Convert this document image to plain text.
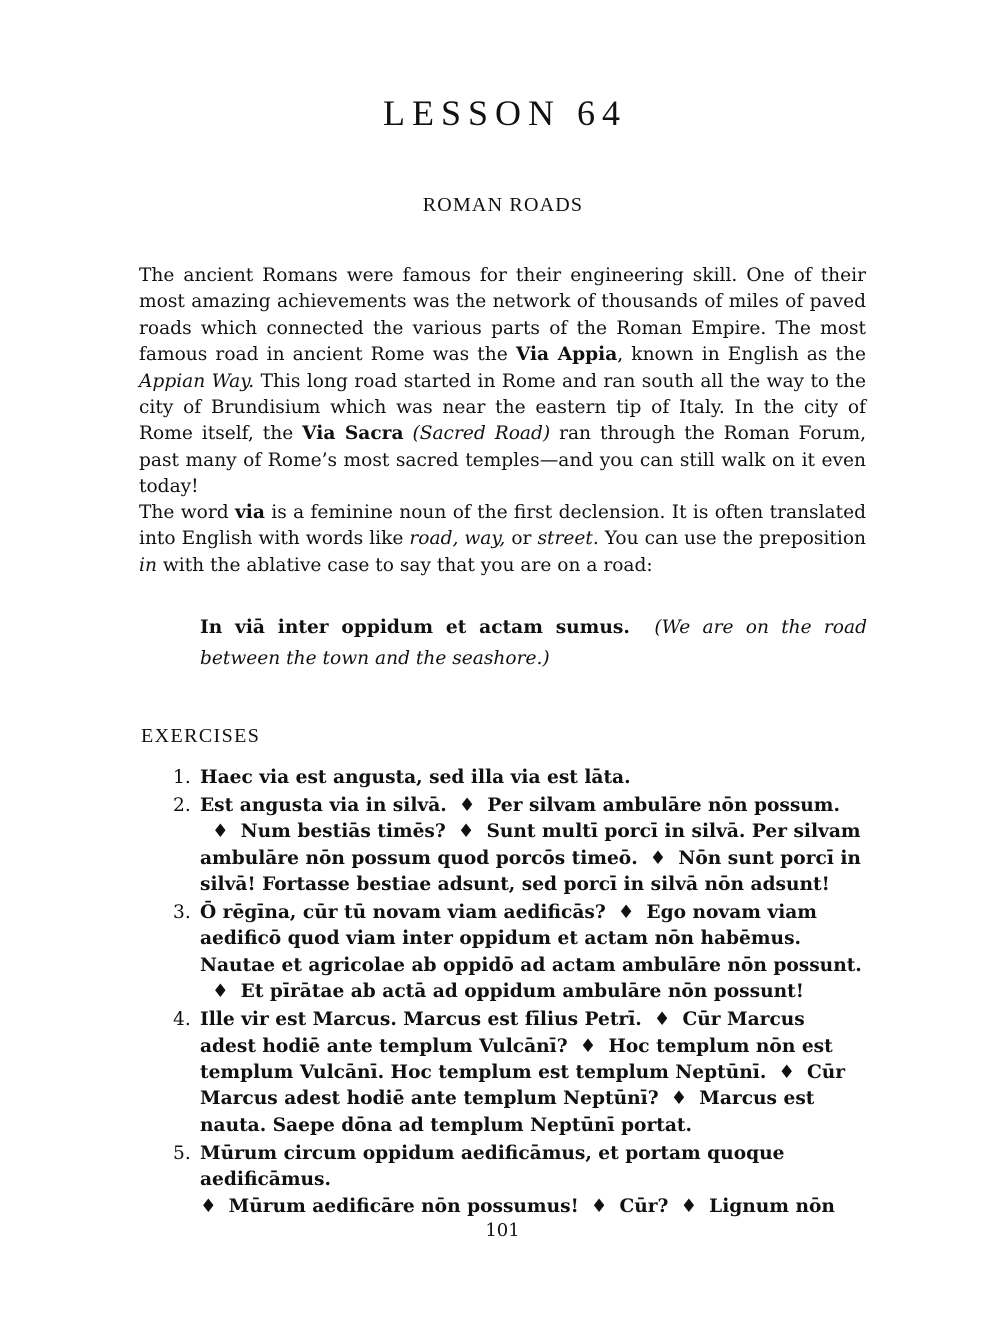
LESSON 64
ROMAN ROADS

The ancient Romans were famous for their engineering skill. One of their most amazing achievements was the network of thousands of miles of paved roads which connected the various parts of the Roman Empire. The most famous road in ancient Rome was the Via Appia, known in English as the Appian Way. This long road started in Rome and ran south all the way to the city of Brundisium which was near the eastern tip of Italy. In the city of Rome itself, the Via Sacra (Sacred Road) ran through the Roman Forum, past many of Rome’s most sacred temples—and you can still walk on it even today!

The word via is a feminine noun of the first declension. It is often translated into English with words like road, way, or street. You can use the preposition in with the ablative case to say that you are on a road:

In viā inter oppidum et actam sumus. (We are on the road between the town and the seashore.)

EXERCISES
1. Haec via est angusta, sed illa via est lāta.
2. Est angusta via in silvā. ♦ Per silvam ambulāre nōn possum.♦ Num bestiās timēs? ♦ Sunt multī porcī in silvā. Per silvam ambulāre nōn possum quod porcōs timeō. ♦ Nōn sunt porcī in silvā! Fortasse bestiae adsunt, sed porcī in silvā nōn adsunt!
3. Ō rēgīna, cūr tū novam viam aedificās? ♦ Ego novam viam aedificō quod viam inter oppidum et actam nōn habēmus. Nautae et agricolae ab oppidō ad actam ambulāre nōn possunt.♦ Et pīrātae ab actā ad oppidum ambulāre nōn possunt!
4. Ille vir est Marcus. Marcus est fīlius Petrī. ♦ Cūr Marcus adest hodiē ante templum Vulcānī? ♦ Hoc templum nōn est templum Vulcānī. Hoc templum est templum Neptūnī. ♦ Cūr Marcus adest hodiē ante templum Neptūnī? ♦ Marcus est nauta. Saepe dōna ad templum Neptūnī portat.
5. Mūrum circum oppidum aedificāmus, et portam quoque aedificāmus.
♦ Mūrum aedificāre nōn possumus! ♦ Cūr? ♦ Lignum nōn
101
